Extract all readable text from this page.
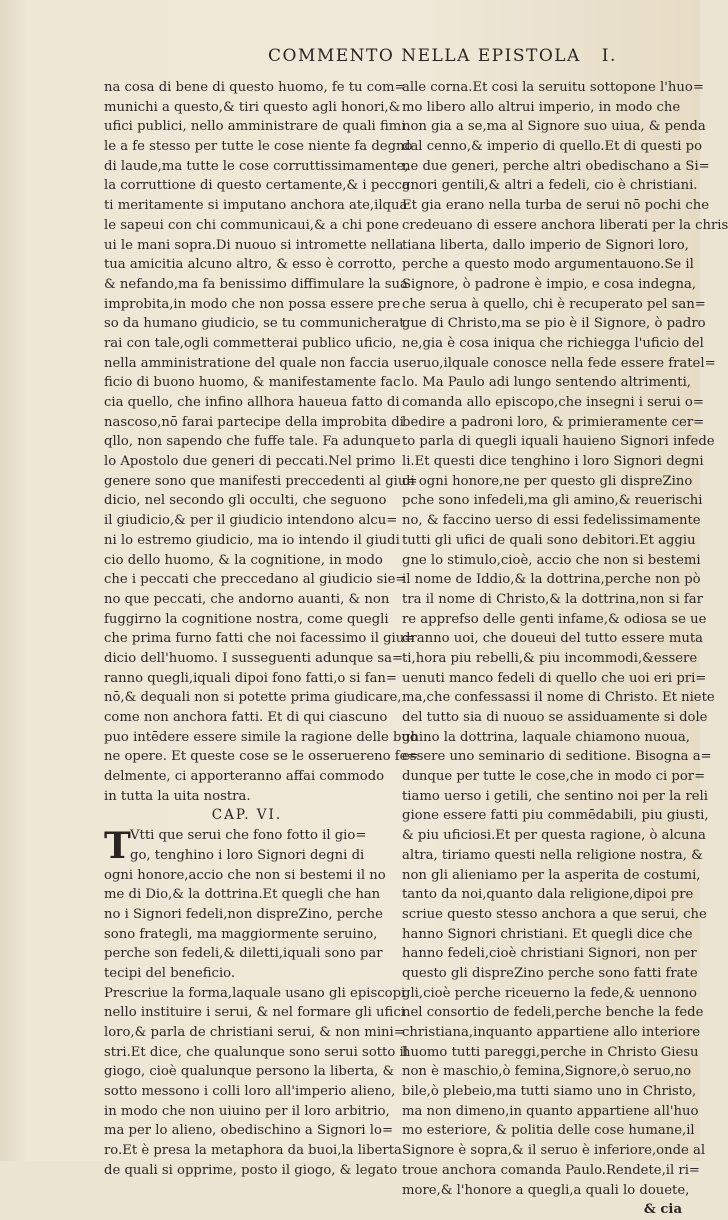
COMMENTO NELLA EPISTOLA I.
na cosa di bene di questo huomo, fe tu com=
munichi a questo,& tiri questo agli honori,&
ufici publici, nello amministrare de quali fimi
le a fe stesso per tutte le cose niente fa degno
di laude,ma tutte le cose corruttissimamente,
la corruttione di questo certamente,& i pecca
ti meritamente si imputano anchora ate,ilqua
le sapeui con chi communicaui,& a chi pone
ui le mani sopra.Di nuouo si intromette nella
tua amicitia alcuno altro, & esso è corrotto,
& nefando,ma fa benissimo diffimulare la sua
improbita,in modo che non possa essere pre
so da humano giudicio, se tu communicherat
rai con tale,ogli commetterai publico uficio,
nella amministratione del quale non faccia u
ficio di buono huomo, & manifestamente fac
cia quello, che infino allhora haueua fatto di
nascoso,nō farai partecipe della improbita di
qllo, non sapendo che fuffe tale. Fa adunque
lo Apostolo due generi di peccati.Nel primo
genere sono que manifesti preccedenti al giu=
dicio, nel secondo gli occulti, che seguono
il giudicio,& per il giudicio intendono alcu=
ni lo estremo giudicio, ma io intendo il giudi
cio dello huomo, & la cognitione, in modo
che i peccati che preccedano al giudicio sie=
no que peccati, che andorno auanti, & non
fuggirno la cognitione nostra, come quegli
che prima furno fatti che noi facessimo il giu=
dicio dell'huomo. I susseguenti adunque sa=
ranno quegli,iquali dipoi fono fatti,o si fan=
nō,& dequali non si potette prima giudicare,
come non anchora fatti. Et di qui ciascuno
puo intēdere essere simile la ragione delle buo
ne opere. Et queste cose se le osseruereno fe=
delmente, ci apporteranno affai commodo
in tutta la uita nostra.
CAP. VI.
T Vtti que serui che fono fotto il gio=
go, tenghino i loro Signori degni di
ogni honore,accio che non si bestemi il no
me di Dio,& la dottrina.Et quegli che han
no i Signori fedeli,non dispreZino, perche
sono frategli, ma maggiormente seruino,
perche son fedeli,& diletti,iquali sono par
tecipi del beneficio.
Prescriue la forma,laquale usano gli episcopi
nello instituire i serui, & nel formare gli ufici
loro,& parla de christiani serui, & non mini=
stri.Et dice, che qualunque sono serui sotto il
giogo, cioè qualunque persono la liberta, &
sotto messono i colli loro all'imperio alieno,
in modo che non uiuino per il loro arbitrio,
ma per lo alieno, obedischino a Signori lo=
ro.Et è presa la metaphora da buoi,la liberta
de quali si opprime, posto il giogo, & legato
alle corna.Et cosi la seruitu sottopone l'huo=
mo libero allo altrui imperio, in modo che
non gia a se,ma al Signore suo uiua, & penda
dal cenno,& imperio di quello.Et di questi po
ne due generi, perche altri obedischano a Si=
gnori gentili,& altri a fedeli, cio è christiani.
Et gia erano nella turba de serui nō pochi che
credeuano di essere anchora liberati per la chris
tiana liberta, dallo imperio de Signori loro,
perche a questo modo argumentauono.Se il
Signore, ò padrone è impio, e cosa indegna,
che serua à quello, chi è recuperato pel san=
gue di Christo,ma se pio è il Signore, ò padro
ne,gia è cosa iniqua che richiegga l'uficio del
seruo,ilquale conosce nella fede essere fratel=
lo. Ma Paulo adi lungo sentendo altrimenti,
comanda allo episcopo,che insegni i serui o=
bedire a padroni loro, & primieramente cer=
to parla di quegli iquali hauieno Signori infede
li.Et questi dice tenghino i loro Signori degni
di ogni honore,ne per questo gli dispreZino
pche sono infedeli,ma gli amino,& reuerischi
no, & faccino uerso di essi fedelissimamente
tutti gli ufici de quali sono debitori.Et aggiu
gne lo stimulo,cioè, accio che non si bestemi
il nome de Iddio,& la dottrina,perche non pò
tra il nome di Christo,& la dottrina,non si far
re apprefso delle genti infame,& odiosa se ue
dranno uoi, che doueui del tutto essere muta
ti,hora piu rebelli,& piu incommodi,&essere
uenuti manco fedeli di quello che uoi eri pri=
ma,che confessassi il nome di Christo. Et niete
del tutto sia di nuouo se assiduamente si dole
ghino la dottrina, laquale chiamono nuoua,
essere uno seminario di seditione. Bisogna a=
dunque per tutte le cose,che in modo ci por=
tiamo uerso i getili, che sentino noi per la reli
gione essere fatti piu commēdabili, piu giusti,
& piu uficiosi.Et per questa ragione, ò alcuna
altra, tiriamo questi nella religione nostra, &
non gli alieniamo per la asperita de costumi,
tanto da noi,quanto dala religione,dipoi pre
scriue questo stesso anchora a que serui, che
hanno Signori christiani. Et quegli dice che
hanno fedeli,cioè christiani Signori, non per
questo gli dispreZino perche sono fatti frate
gli,cioè perche riceuerno la fede,& uennono
nel consortio de fedeli,perche benche la fede
christiana,inquanto appartiene allo interiore
huomo tutti pareggi,perche in Christo Giesu
non è maschio,ò femina,Signore,ò seruo,no
bile,ò plebeio,ma tutti siamo uno in Christo,
ma non dimeno,in quanto appartiene all'huo
mo esteriore, & politia delle cose humane,il
Signore è sopra,& il seruo è inferiore,onde al
troue anchora comanda Paulo.Rendete,il ri=
more,& l'honore a quegli,a quali lo douete,
& cia
